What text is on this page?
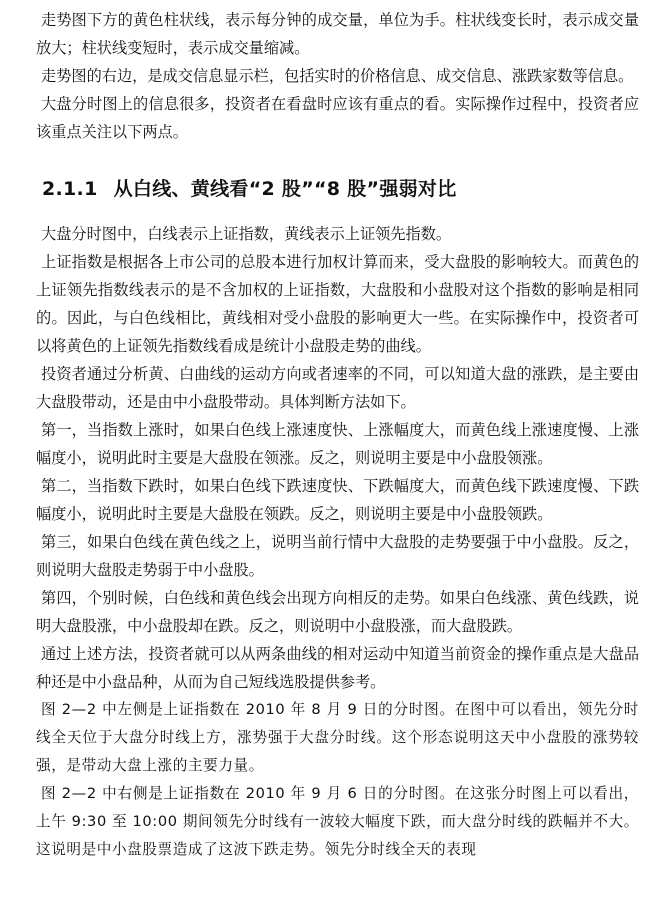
走势图下方的黄色柱状线，表示每分钟的成交量，单位为手。柱状线变长时，表示成交量放大；柱状线变短时，表示成交量缩减。

走势图的右边，是成交信息显示栏，包括实时的价格信息、成交信息、涨跌家数等信息。

大盘分时图上的信息很多，投资者在看盘时应该有重点的看。实际操作过程中，投资者应该重点关注以下两点。

2.1.1 从白线、黄线看“2 股”“8 股”强弱对比

大盘分时图中，白线表示上证指数，黄线表示上证领先指数。

上证指数是根据各上市公司的总股本进行加权计算而来，受大盘股的影响较大。而黄色的上证领先指数线表示的是不含加权的上证指数，大盘股和小盘股对这个指数的影响是相同的。因此，与白色线相比，黄线相对受小盘股的影响更大一些。在实际操作中，投资者可以将黄色的上证领先指数线看成是统计小盘股走势的曲线。

投资者通过分析黄、白曲线的运动方向或者速率的不同，可以知道大盘的涨跌，是主要由大盘股带动，还是由中小盘股带动。具体判断方法如下。

第一，当指数上涨时，如果白色线上涨速度快、上涨幅度大，而黄色线上涨速度慢、上涨幅度小，说明此时主要是大盘股在领涨。反之，则说明主要是中小盘股领涨。

第二，当指数下跌时，如果白色线下跌速度快、下跌幅度大，而黄色线下跌速度慢、下跌幅度小，说明此时主要是大盘股在领跌。反之，则说明主要是中小盘股领跌。

第三，如果白色线在黄色线之上，说明当前行情中大盘股的走势要强于中小盘股。反之，则说明大盘股走势弱于中小盘股。

第四，个别时候，白色线和黄色线会出现方向相反的走势。如果白色线涨、黄色线跌，说明大盘股涨，中小盘股却在跌。反之，则说明中小盘股涨，而大盘股跌。

通过上述方法，投资者就可以从两条曲线的相对运动中知道当前资金的操作重点是大盘品种还是中小盘品种，从而为自己短线选股提供参考。

图 2—2 中左侧是上证指数在 2010 年 8 月 9 日的分时图。在图中可以看出，领先分时线全天位于大盘分时线上方，涨势强于大盘分时线。这个形态说明这天中小盘股的涨势较强，是带动大盘上涨的主要力量。

图 2—2 中右侧是上证指数在 2010 年 9 月 6 日的分时图。在这张分时图上可以看出，上午 9:30 至 10:00 期间领先分时线有一波较大幅度下跌，而大盘分时线的跌幅并不大。这说明是中小盘股票造成了这波下跌走势。领先分时线全天的表现
